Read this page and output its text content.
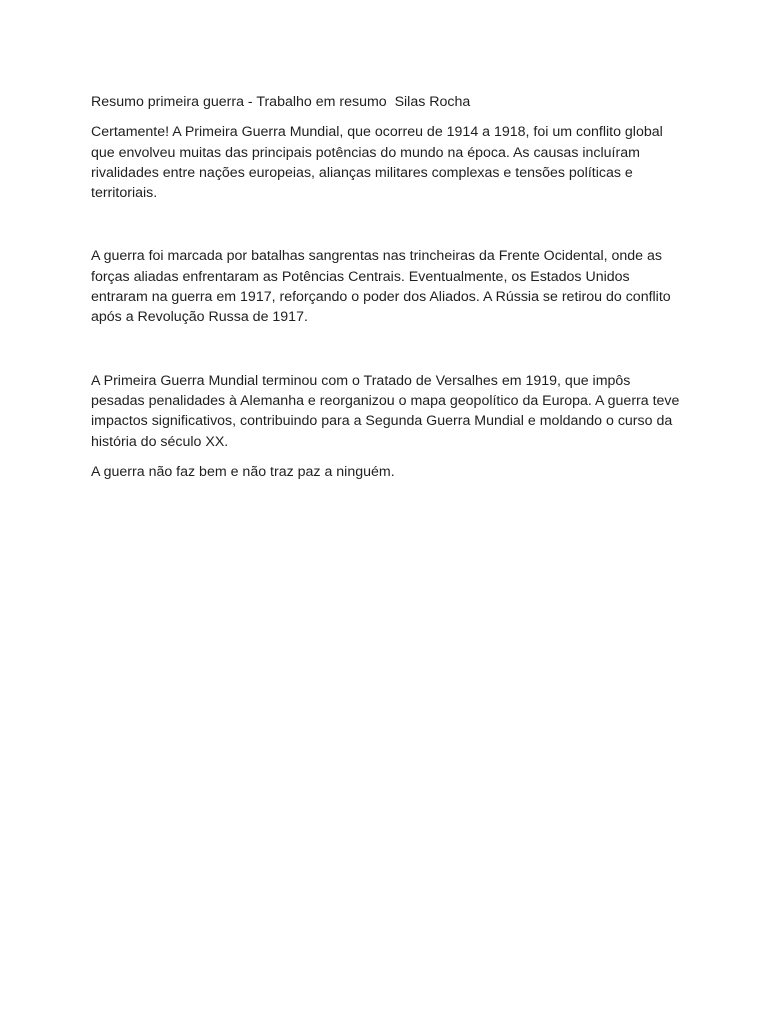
Resumo primeira guerra - Trabalho em resumo  Silas Rocha

Certamente! A Primeira Guerra Mundial, que ocorreu de 1914 a 1918, foi um conflito global que envolveu muitas das principais potências do mundo na época. As causas incluíram rivalidades entre nações europeias, alianças militares complexas e tensões políticas e territoriais.

A guerra foi marcada por batalhas sangrentas nas trincheiras da Frente Ocidental, onde as forças aliadas enfrentaram as Potências Centrais. Eventualmente, os Estados Unidos entraram na guerra em 1917, reforçando o poder dos Aliados. A Rússia se retirou do conflito após a Revolução Russa de 1917.

A Primeira Guerra Mundial terminou com o Tratado de Versalhes em 1919, que impôs pesadas penalidades à Alemanha e reorganizou o mapa geopolítico da Europa. A guerra teve impactos significativos, contribuindo para a Segunda Guerra Mundial e moldando o curso da história do século XX.

A guerra não faz bem e não traz paz a ninguém.
